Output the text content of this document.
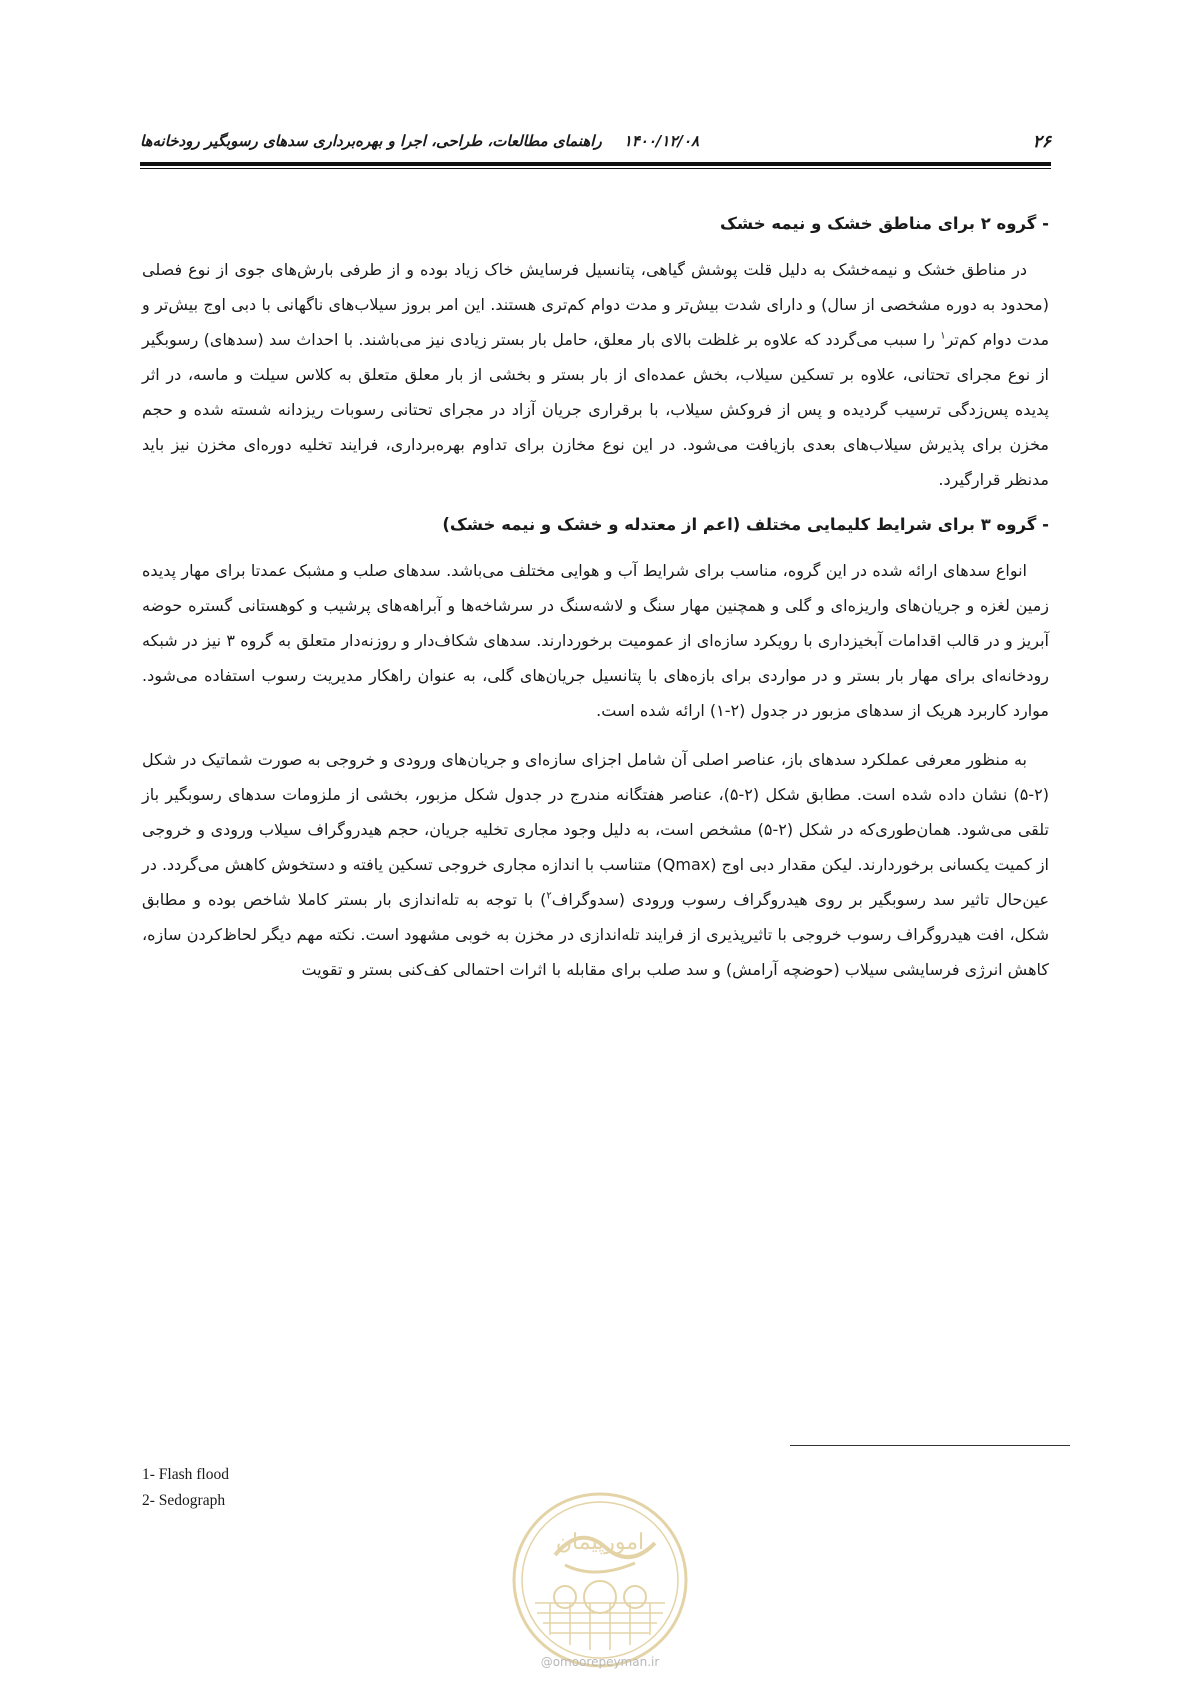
۲۶
۱۴۰۰/۱۲/۰۸راهنمای مطالعات، طراحی، اجرا و بهره‌برداری سدهای رسوبگیر رودخانه‌ها
- گروه ۲ برای مناطق خشک و نیمه خشک

در مناطق خشک و نیمه‌خشک به دلیل قلت پوشش گیاهی، پتانسیل فرسایش خاک زیاد بوده و از طرفی بارش‌های جوی از نوع فصلی (محدود به دوره مشخصی از سال) و دارای شدت بیش‌تر و مدت دوام کم‌تری هستند. این امر بروز سیلاب‌های ناگهانی با دبی اوج بیش‌تر و مدت دوام کم‌تر$^۱$ را سبب می‌گردد که علاوه بر غلظت بالای بار معلق، حامل بار بستر زیادی نیز می‌باشند. با احداث سد (سدهای) رسوبگیر از نوع مجرای تحتانی، علاوه بر تسکین سیلاب، بخش عمده‌ای از بار بستر و بخشی از بار معلق متعلق به کلاس سیلت و ماسه، در اثر پدیده پس‌زدگی ترسیب گردیده و پس از فروکش سیلاب، با برقراری جریان آزاد در مجرای تحتانی رسوبات ریزدانه شسته شده و حجم مخزن برای پذیرش سیلاب‌های بعدی بازیافت می‌شود. در این نوع مخازن برای تداوم بهره‌برداری، فرایند تخلیه دوره‌ای مخزن نیز باید مدنظر قرارگیرد.

- گروه ۳ برای شرایط کلیمایی مختلف (اعم از معتدله و خشک و نیمه خشک)

انواع سدهای ارائه شده در این گروه، مناسب برای شرایط آب و هوایی مختلف می‌باشد. سدهای صلب و مشبک عمدتا برای مهار پدیده زمین لغزه و جریان‌های واریزه‌ای و گلی و همچنین مهار سنگ و لاشه‌سنگ در سرشاخه‌ها و آبراهه‌های پرشیب و کوهستانی گستره حوضه آبریز و در قالب اقدامات آبخیزداری با رویکرد سازه‌ای از عمومیت برخوردارند. سدهای شکاف‌دار و روزنه‌دار متعلق به گروه ۳ نیز در شبکه رودخانه‌ای برای مهار بار بستر و در مواردی برای بازه‌های با پتانسیل جریان‌های گلی، به عنوان راهکار مدیریت رسوب استفاده می‌شود. موارد کاربرد هریک از سدهای مزبور در جدول (۲-۱) ارائه شده است.

به منظور معرفی عملکرد سدهای باز، عناصر اصلی آن شامل اجزای سازه‌ای و جریان‌های ورودی و خروجی به صورت شماتیک در شکل (۲-۵) نشان داده شده است. مطابق شکل (۲-۵)، عناصر هفتگانه مندرج در جدول شکل مزبور، بخشی از ملزومات سدهای رسوبگیر باز تلقی می‌شود. همان‌طوری‌که در شکل (۲-۵) مشخص است، به دلیل وجود مجاری تخلیه جریان، حجم هیدروگراف سیلاب ورودی و خروجی از کمیت یکسانی برخوردارند. لیکن مقدار دبی اوج (Qmax) متناسب با اندازه مجاری خروجی تسکین یافته و دستخوش کاهش می‌گردد. در عین‌حال تاثیر سد رسوبگیر بر روی هیدروگراف رسوب ورودی (سدوگراف$^۲$) با توجه به تله‌اندازی بار بستر کاملا شاخص بوده و مطابق شکل، افت هیدروگراف رسوب خروجی با تاثیرپذیری از فرایند تله‌اندازی در مخزن به خوبی مشهود است. نکته مهم دیگر لحاظ‌کردن سازه، کاهش انرژی فرسایشی سیلاب (حوضچه آرامش) و سد صلب برای مقابله با اثرات احتمالی کف‌کنی بستر و تقویت

1- Flash flood
2- Sedograph
امورپیمان
@omoorepeyman.ir
